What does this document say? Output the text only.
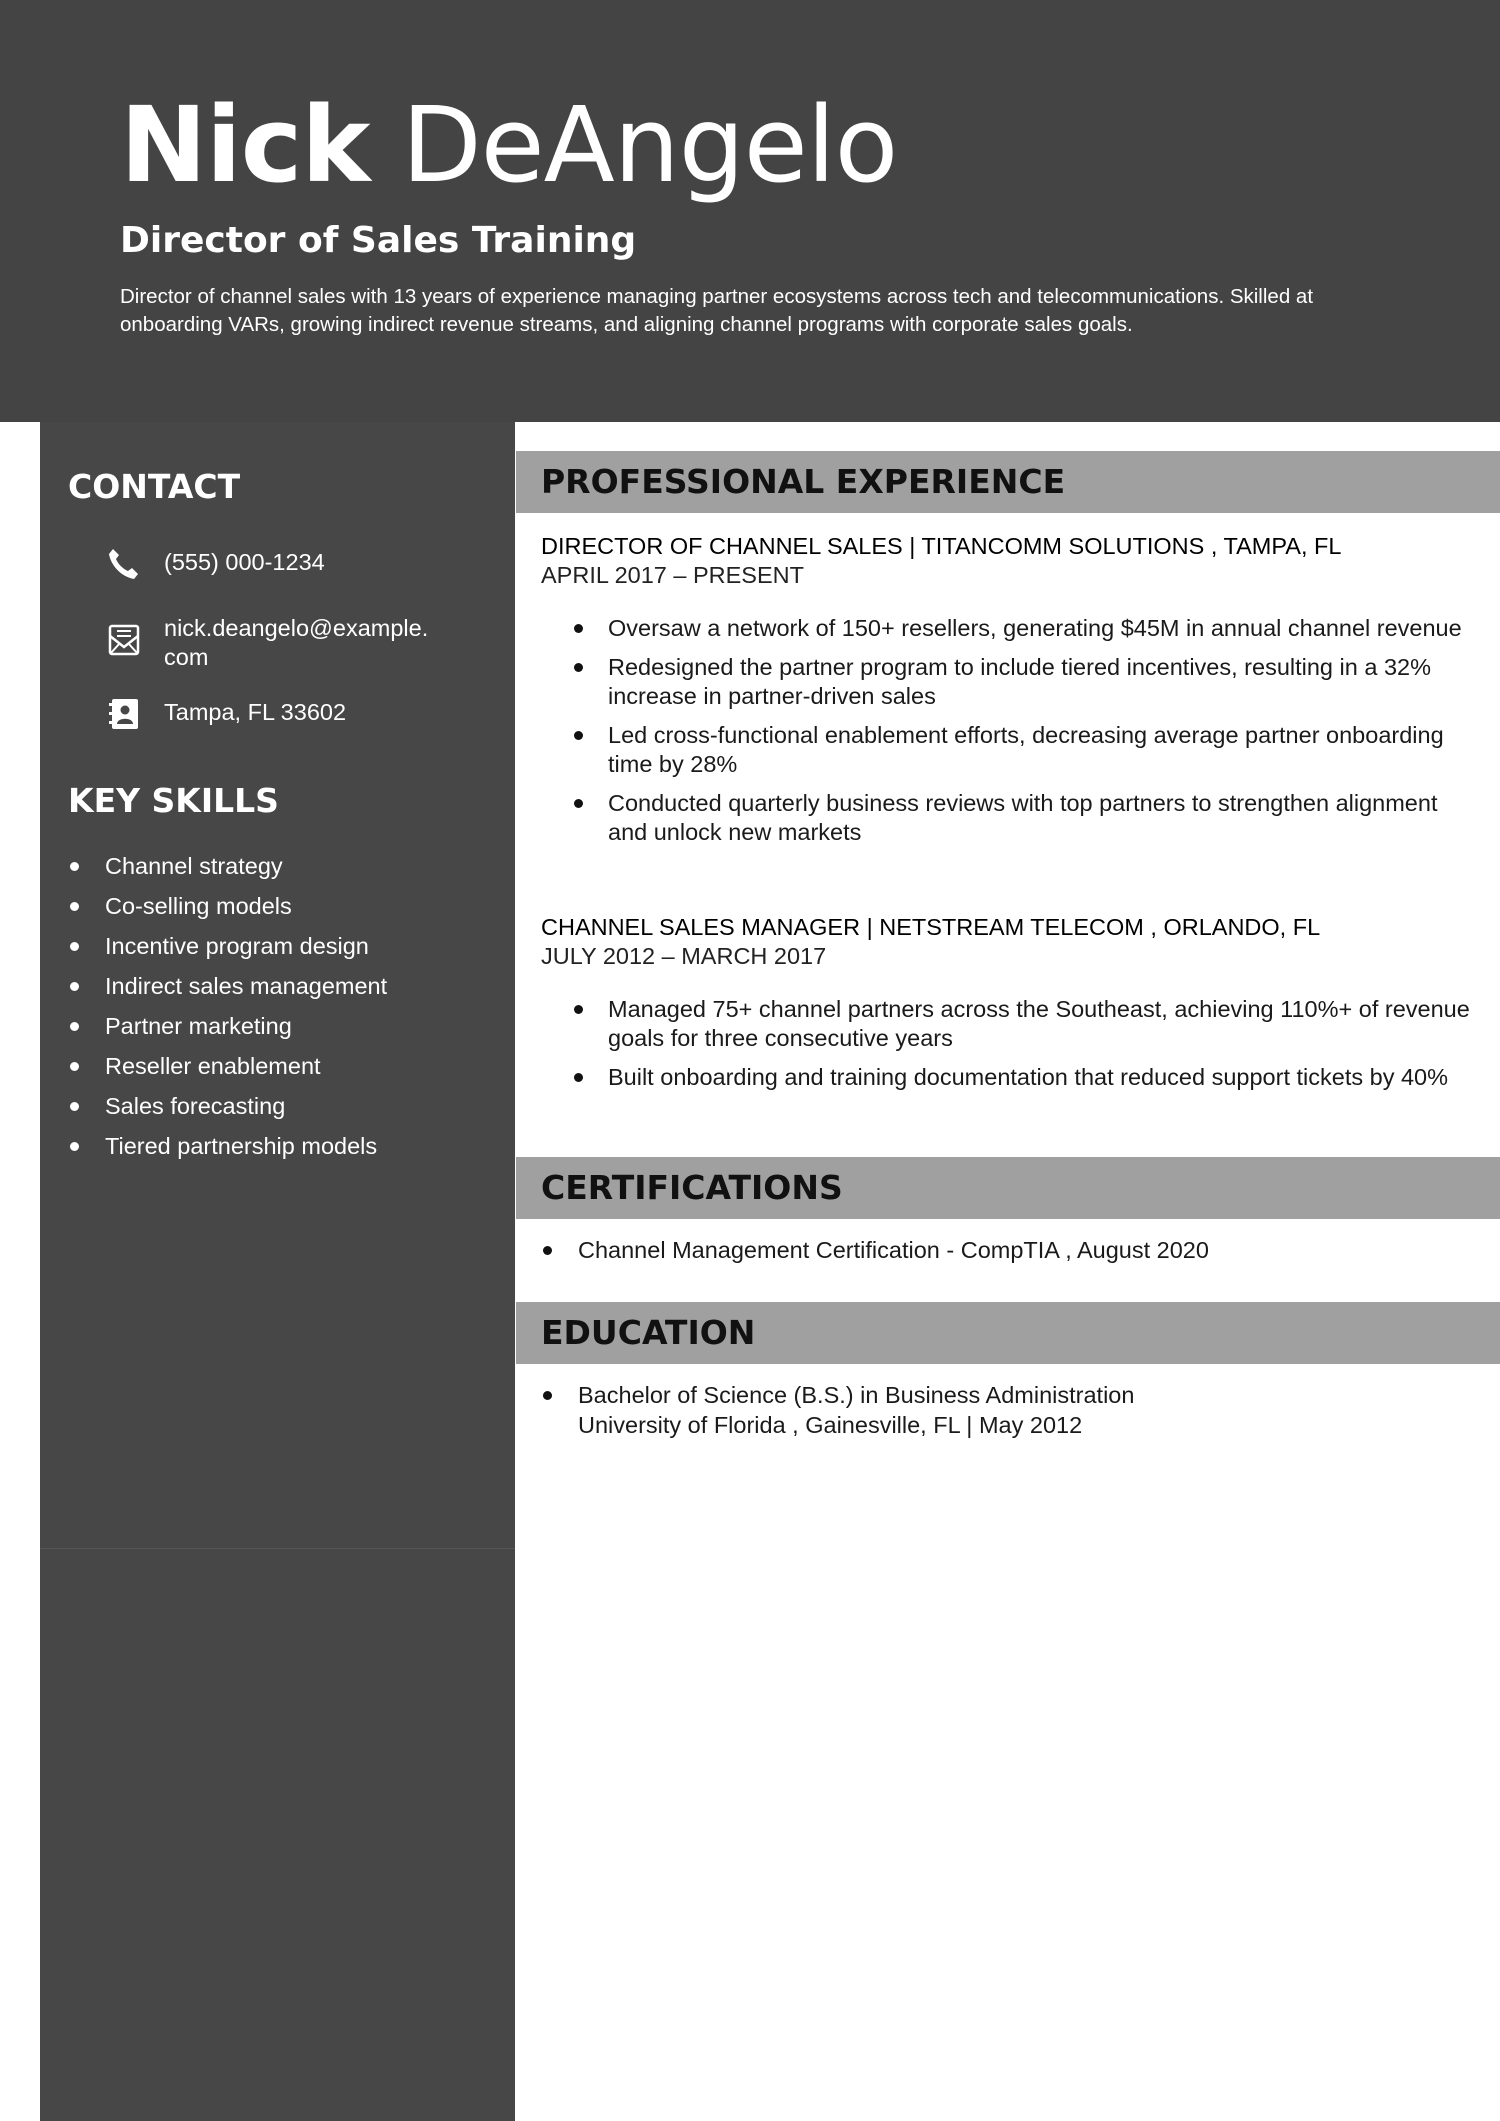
Nick DeAngelo
Director of Sales Training
Director of channel sales with 13 years of experience managing partner ecosystems across tech and telecommunications. Skilled at onboarding VARs, growing indirect revenue streams, and aligning channel programs with corporate sales goals.
CONTACT
(555) 000-1234
nick.deangelo@example.com
Tampa, FL 33602
KEY SKILLS
Channel strategy
Co-selling models
Incentive program design
Indirect sales management
Partner marketing
Reseller enablement
Sales forecasting
Tiered partnership models
PROFESSIONAL EXPERIENCE
DIRECTOR OF CHANNEL SALES | TITANCOMM SOLUTIONS , TAMPA, FL
APRIL 2017 – PRESENT
Oversaw a network of 150+ resellers, generating $45M in annual channel revenue
Redesigned the partner program to include tiered incentives, resulting in a 32% increase in partner-driven sales
Led cross-functional enablement efforts, decreasing average partner onboarding time by 28%
Conducted quarterly business reviews with top partners to strengthen alignment and unlock new markets
CHANNEL SALES MANAGER | NETSTREAM TELECOM , ORLANDO, FL
JULY 2012 – MARCH 2017
Managed 75+ channel partners across the Southeast, achieving 110%+ of revenue goals for three consecutive years
Built onboarding and training documentation that reduced support tickets by 40%
CERTIFICATIONS
Channel Management Certification - CompTIA , August 2020
EDUCATION
Bachelor of Science (B.S.) in Business Administration
University of Florida , Gainesville, FL | May 2012
